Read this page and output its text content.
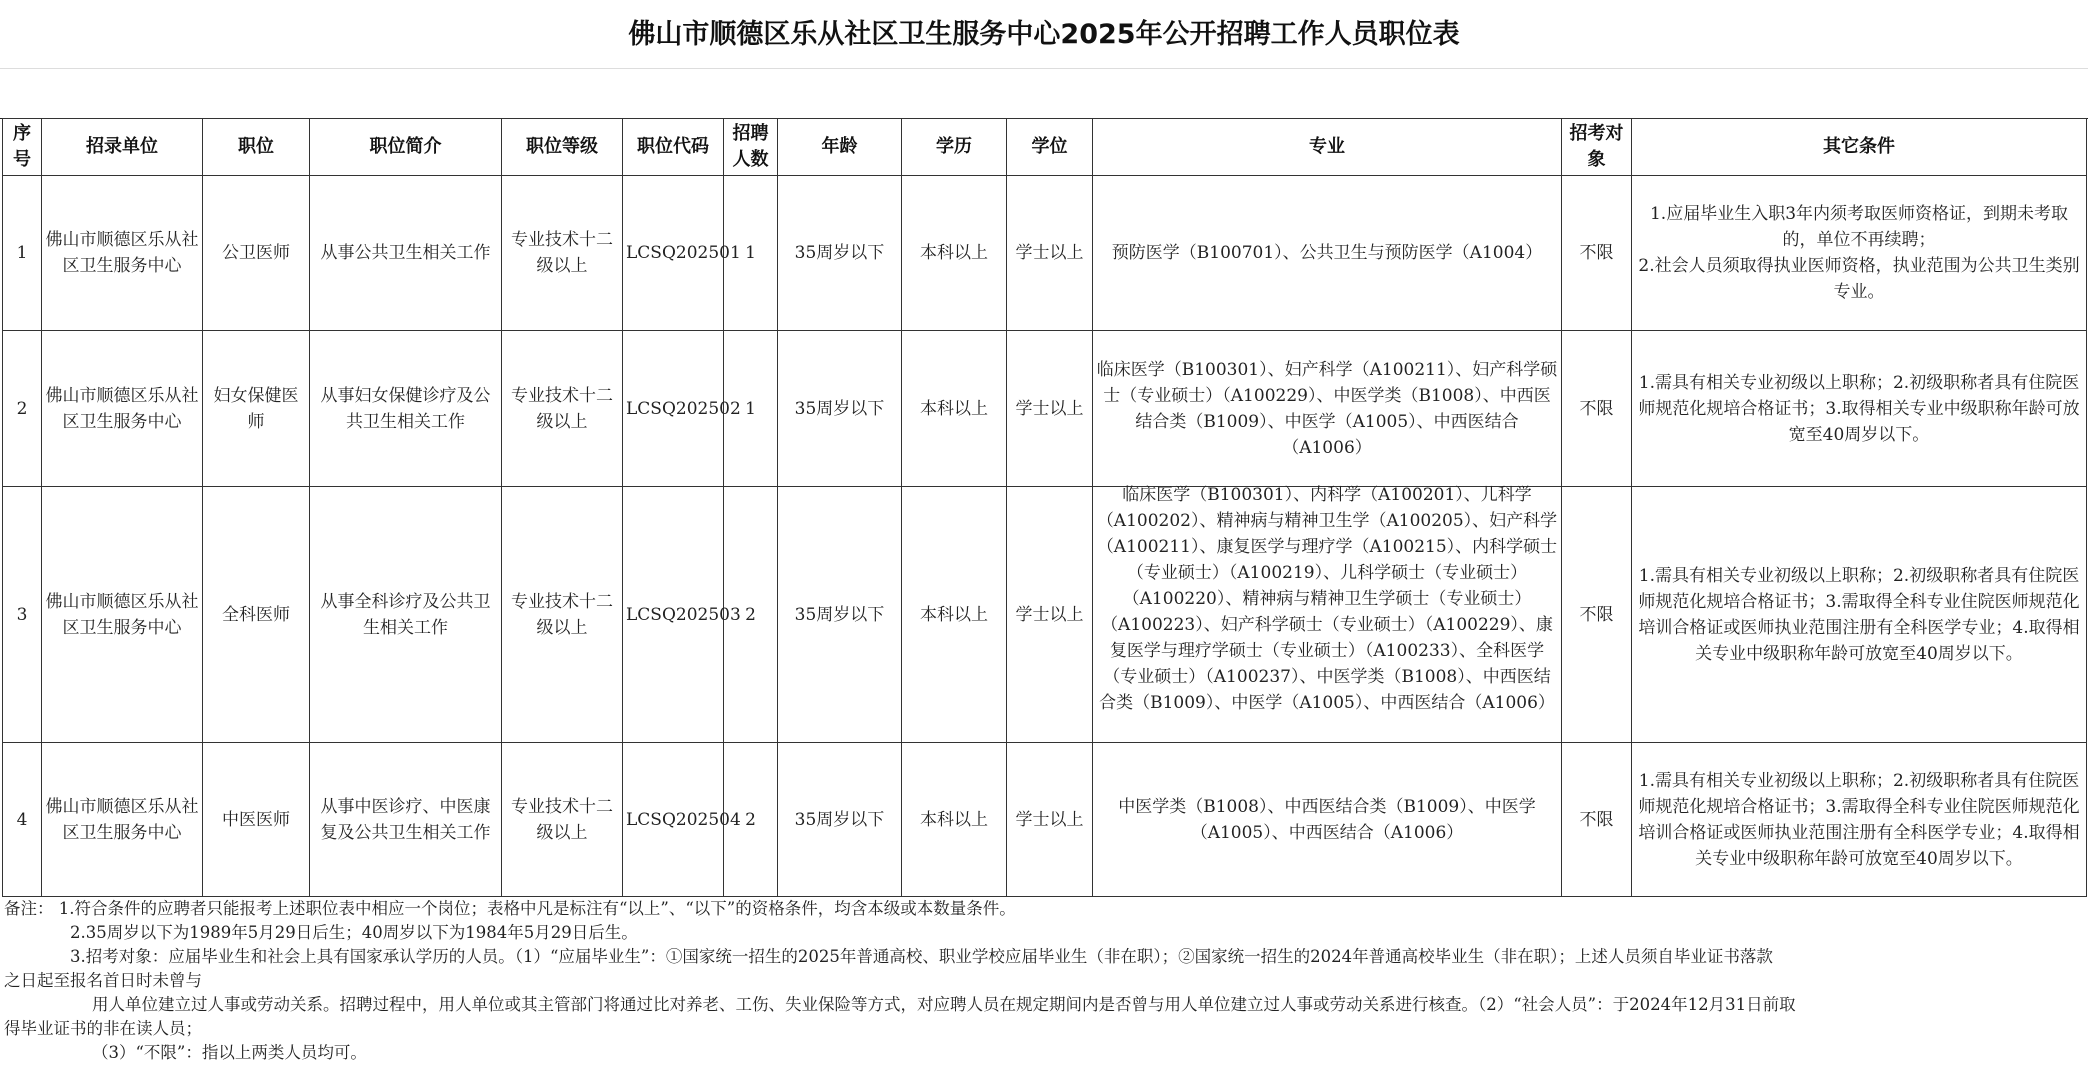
佛山市顺德区乐从社区卫生服务中心2025年公开招聘工作人员职位表
序号	招录单位	职位	职位简介	职位等级	职位代码	招聘人数	年龄	学历	学位	专业	招考对象	其它条件
1	佛山市顺德区乐从社区卫生服务中心	公卫医师	从事公共卫生相关工作	专业技术十二级以上	LCSQ202501	1	35周岁以下	本科以上	学士以上	预防医学（B100701）、公共卫生与预防医学（A1004）	不限	1.应届毕业生入职3年内须考取医师资格证，到期未考取的，单位不再续聘；
2.社会人员须取得执业医师资格，执业范围为公共卫生类别专业。
2	佛山市顺德区乐从社区卫生服务中心	妇女保健医师	从事妇女保健诊疗及公共卫生相关工作	专业技术十二级以上	LCSQ202502	1	35周岁以下	本科以上	学士以上	临床医学（B100301）、妇产科学（A100211）、妇产科学硕士（专业硕士）（A100229）、中医学类（B1008）、中西医结合类（B1009）、中医学（A1005）、中西医结合（A1006）	不限	1.需具有相关专业初级以上职称；2.初级职称者具有住院医师规范化规培合格证书；3.取得相关专业中级职称年龄可放宽至40周岁以下。
3	佛山市顺德区乐从社区卫生服务中心	全科医师	从事全科诊疗及公共卫生相关工作	专业技术十二级以上	LCSQ202503	2	35周岁以下	本科以上	学士以上	临床医学（B100301）、内科学（A100201）、儿科学（A100202）、精神病与精神卫生学（A100205）、妇产科学（A100211）、康复医学与理疗学（A100215）、内科学硕士
（专业硕士）（A100219）、儿科学硕士（专业硕士）（A100220）、精神病与精神卫生学硕士（专业硕士）（A100223）、妇产科学硕士（专业硕士）（A100229）、康复医学与理疗学硕士（专业硕士）（A100233）、全科医学
（专业硕士）（A100237）、中医学类（B1008）、中西医结合类（B1009）、中医学（A1005）、中西医结合（A1006）	不限	1.需具有相关专业初级以上职称；2.初级职称者具有住院医师规范化规培合格证书；3.需取得全科专业住院医师规范化培训合格证或医师执业范围注册有全科医学专业；4.取得相关专业中级职称年龄可放宽至40周岁以下。
4	佛山市顺德区乐从社区卫生服务中心	中医医师	从事中医诊疗、中医康复及公共卫生相关工作	专业技术十二级以上	LCSQ202504	2	35周岁以下	本科以上	学士以上	中医学类（B1008）、中西医结合类（B1009）、中医学（A1005）、中西医结合（A1006）	不限	1.需具有相关专业初级以上职称；2.初级职称者具有住院医师规范化规培合格证书；3.需取得全科专业住院医师规范化培训合格证或医师执业范围注册有全科医学专业；4.取得相关专业中级职称年龄可放宽至40周岁以下。
备注： 1.符合条件的应聘者只能报考上述职位表中相应一个岗位；表格中凡是标注有“以上”、“以下”的资格条件，均含本级或本数量条件。
2.35周岁以下为1989年5月29日后生；40周岁以下为1984年5月29日后生。
3.招考对象：应届毕业生和社会上具有国家承认学历的人员。（1）“应届毕业生”：①国家统一招生的2025年普通高校、职业学校应届毕业生（非在职）；②国家统一招生的2024年普通高校毕业生（非在职）；上述人员须自毕业证书落款
之日起至报名首日时未曾与
用人单位建立过人事或劳动关系。招聘过程中，用人单位或其主管部门将通过比对养老、工伤、失业保险等方式，对应聘人员在规定期间内是否曾与用人单位建立过人事或劳动关系进行核查。（2）“社会人员”：于2024年12月31日前取
得毕业证书的非在读人员；
（3）“不限”：指以上两类人员均可。
